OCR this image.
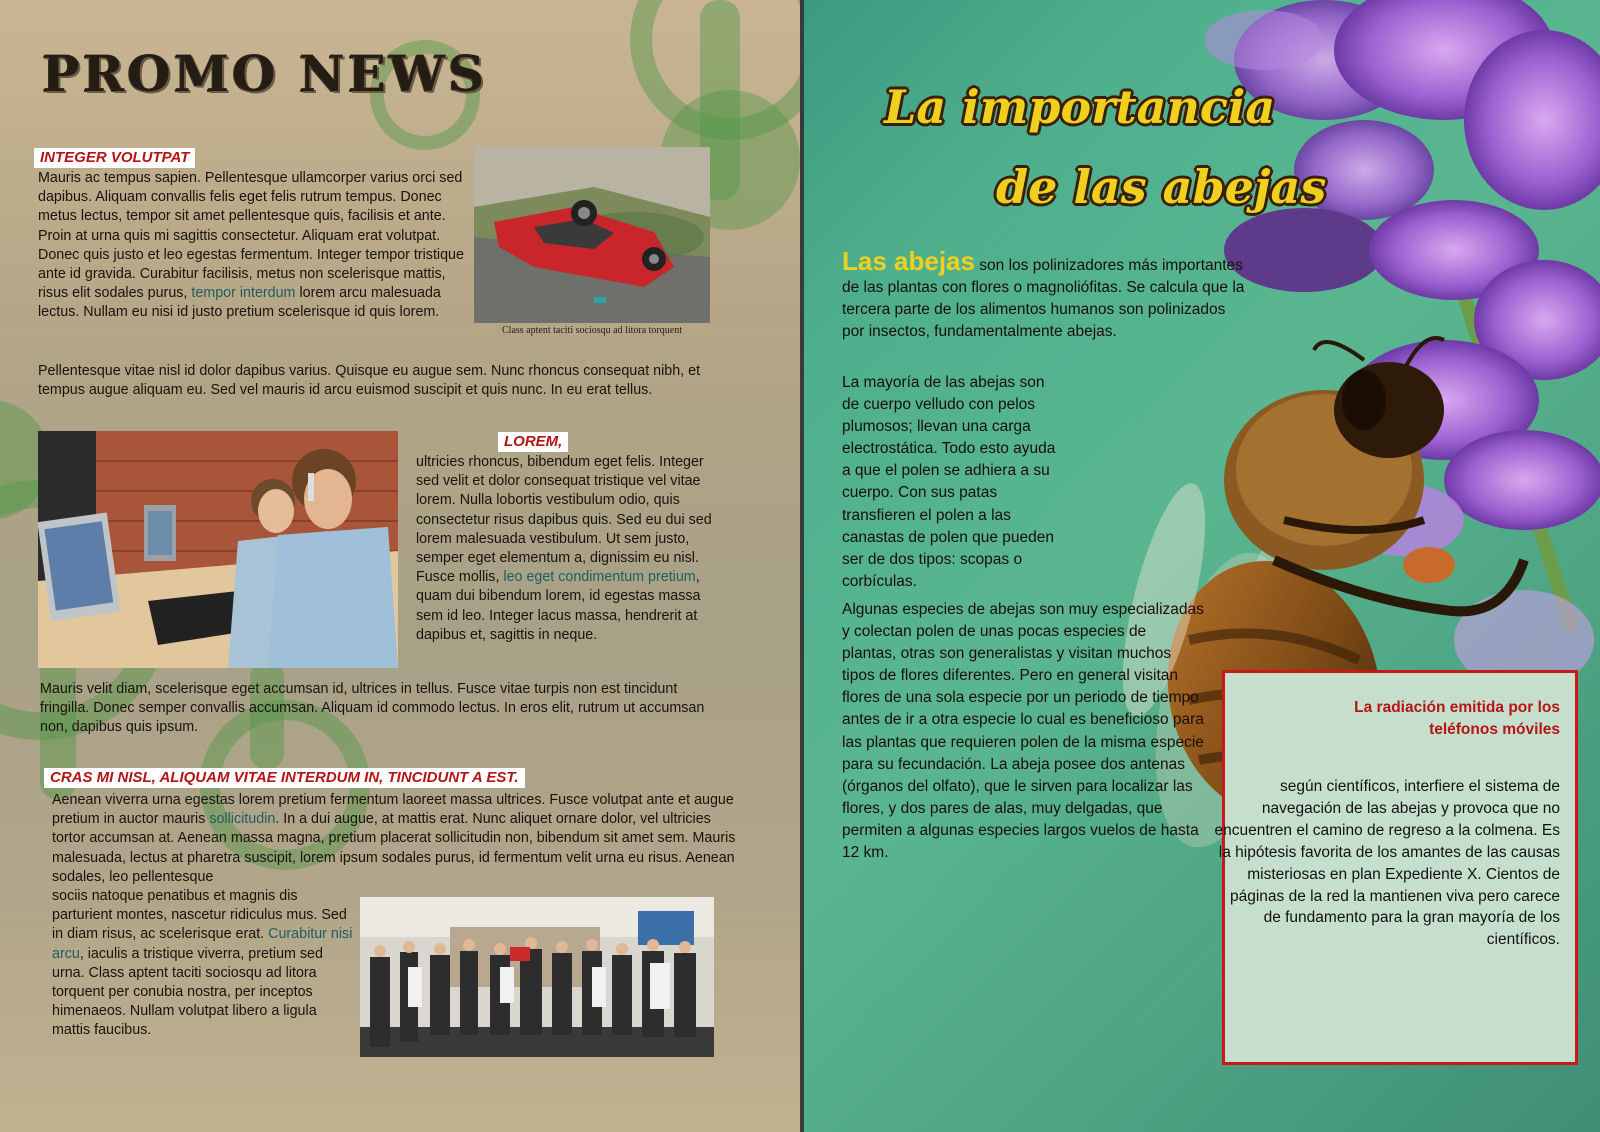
PROMO NEWS
INTEGER VOLUTPAT

Mauris ac tempus sapien. Pellentesque ullamcorper varius orci sed dapibus. Aliquam convallis felis eget felis rutrum tempus. Donec metus lectus, tempor sit amet pellentesque quis, facilisis et ante. Proin at urna quis mi sagittis consectetur. Aliquam erat volutpat. Donec quis justo et leo egestas fermentum. Integer tempor tristique ante id gravida. Curabitur facilisis, metus non scelerisque mattis, risus elit sodales purus, tempor interdum lorem arcu malesuada lectus. Nullam eu nisi id justo pretium scelerisque id quis lorem.

Pellentesque vitae nisl id dolor dapibus varius. Quisque eu augue sem. Nunc rhoncus consequat nibh, et tempus augue aliquam eu. Sed vel mauris id arcu euismod suscipit et quis nunc. In eu erat tellus.
Class aptent taciti sociosqu ad litora torquent
LOREM,

ultricies rhoncus, bibendum eget felis. Integer sed velit et dolor consequat tristique vel vitae lorem. Nulla lobortis vestibulum odio, quis consectetur risus dapibus quis. Sed eu dui sed lorem malesuada vestibulum. Ut sem justo, semper eget elementum a, dignissim eu nisl. Fusce mollis, leo eget condimentum pretium, quam dui bibendum lorem, id egestas massa sem id leo. Integer lacus massa, hendrerit at dapibus et, sagittis in neque.

Mauris velit diam, scelerisque eget accumsan id, ultrices in tellus. Fusce vitae turpis non est tincidunt fringilla. Donec semper convallis accumsan. Aliquam id commodo lectus. In eros elit, rutrum ut accumsan non, dapibus quis ipsum.
CRAS MI NISL, ALIQUAM VITAE INTERDUM IN, TINCIDUNT A EST.

Aenean viverra urna egestas lorem pretium fermentum laoreet massa ultrices. Fusce volutpat ante et augue pretium in auctor mauris sollicitudin. In a dui augue, at mattis erat. Nunc aliquet ornare dolor, vel ultricies tortor accumsan at. Aenean massa magna, pretium placerat sollicitudin non, bibendum sit amet sem. Mauris malesuada, lectus at pharetra suscipit, lorem ipsum sodales purus, id fermentum velit urna eu risus. Aenean sodales, leo pellentesque

sociis natoque penatibus et magnis dis parturient montes, nascetur ridiculus mus. Sed in diam risus, ac scelerisque erat. Curabitur nisi arcu, iaculis a tristique viverra, pretium sed urna. Class aptent taciti sociosqu ad litora torquent per conubia nostra, per inceptos himenaeos. Nullam volutpat libero a ligula mattis faucibus.

La importancia
de las abejas
Las abejas son los polinizadores más importantes de las plantas con flores o magnoliófitas. Se calcula que la tercera parte de los alimentos humanos son polinizados por insectos, fundamentalmente abejas.
La mayoría de las abejas son de cuerpo velludo con pelos plumosos; llevan una carga electrostática. Todo esto ayuda a que el polen se adhiera a su cuerpo. Con sus patas transfieren el polen a las canastas de polen que pueden ser de dos tipos: scopas o corbículas.
Algunas especies de abejas son muy especializadas y colectan polen de unas pocas especies de plantas, otras son generalistas y visitan muchos tipos de flores diferentes. Pero en general visitan flores de una sola especie por un periodo de tiempo antes de ir a otra especie lo cual es beneficioso para las plantas que requieren polen de la misma especie para su fecundación. La abeja posee dos antenas (órganos del olfato), que le sirven para localizar las flores, y dos pares de alas, muy delgadas, que permiten a algunas especies largos vuelos de hasta 12 km.
La radiación emitida por los teléfonos móviles
según científicos, interfiere el sistema de navegación de las abejas y provoca que no encuentren el camino de regreso a la colmena. Es la hipótesis favorita de los amantes de las causas misteriosas en plan Expediente X. Cientos de páginas de la red la mantienen viva pero carece de fundamento para la gran mayoría de los científicos.
